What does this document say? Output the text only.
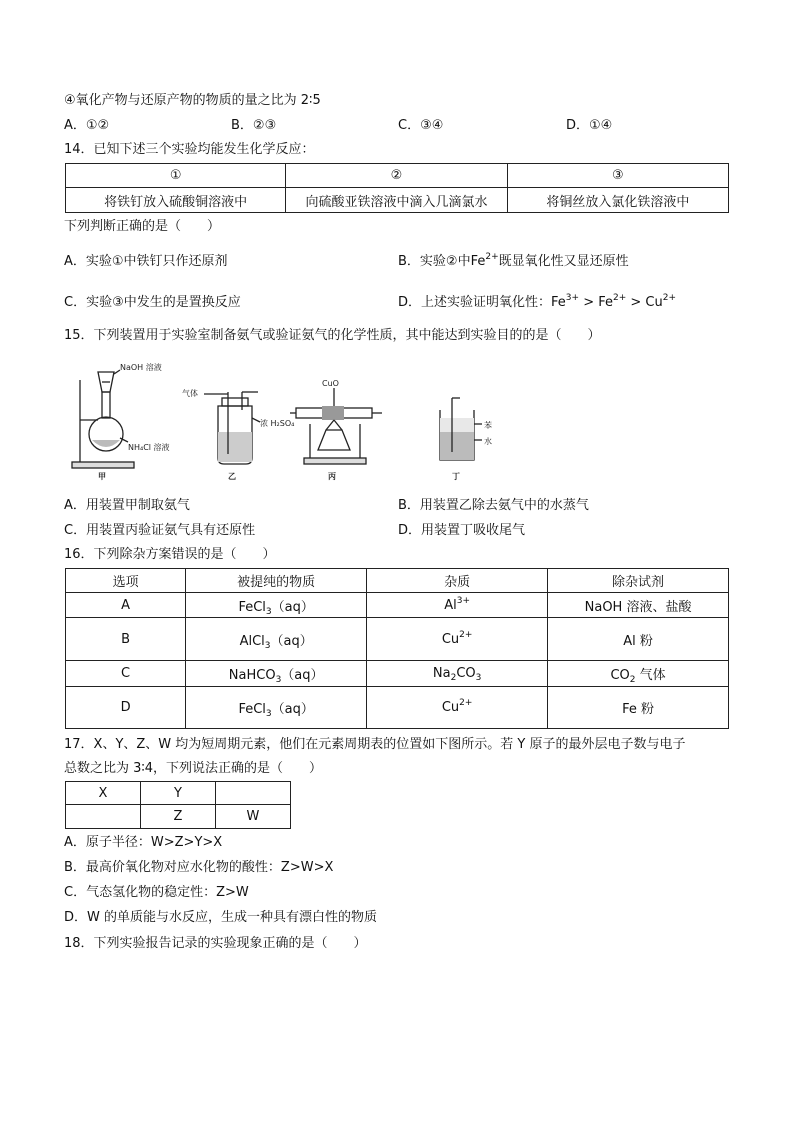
④氧化产物与还原产物的物质的量之比为 2∶5
A．①②	B．②③	C．③④	D．①④
14．已知下述三个实验均能发生化学反应：
①	②	③
将铁钉放入硫酸铜溶液中	向硫酸亚铁溶液中滴入几滴氯水	将铜丝放入氯化铁溶液中
下列判断正确的是（　　）
A．实验①中铁钉只作还原剂	B．实验②中$Fe^{2+}$既显氧化性又显还原性
C．实验③中发生的是置换反应	D．上述实验证明氧化性：$Fe^{3+} > Fe^{2+} > Cu^{2+}$
15．下列装置用于实验室制备氨气或验证氨气的化学性质，其中能达到实验目的的是（　　）
NaOH 溶液
NH₄Cl 溶液
甲
气体
浓 H₂SO₄
乙
CuO
丙
苯
水
丁
A．用装置甲制取氨气	B．用装置乙除去氨气中的水蒸气
C．用装置丙验证氨气具有还原性	D．用装置丁吸收尾气
16．下列除杂方案错误的是（　　）
选项	被提纯的物质	杂质	除杂试剂
A	FeCl$_3$（aq）	$Al^{3+}$	NaOH 溶液、盐酸
B	AlCl$_3$（aq）	$Cu^{2+}$	Al 粉
C	NaHCO$_3$（aq）	$Na_2CO_3$	$CO_2$ 气体
D	FeCl$_3$（aq）	$Cu^{2+}$	Fe 粉
17．X、Y、Z、W 均为短周期元素，他们在元素周期表的位置如下图所示。若 Y 原子的最外层电子数与电子
总数之比为 3∶4，下列说法正确的是（　　）
X	Y	
	Z	W
A．原子半径：W>Z>Y>X
B．最高价氧化物对应水化物的酸性：Z>W>X
C．气态氢化物的稳定性：Z>W
D．W 的单质能与水反应，生成一种具有漂白性的物质
18．下列实验报告记录的实验现象正确的是（　　）
